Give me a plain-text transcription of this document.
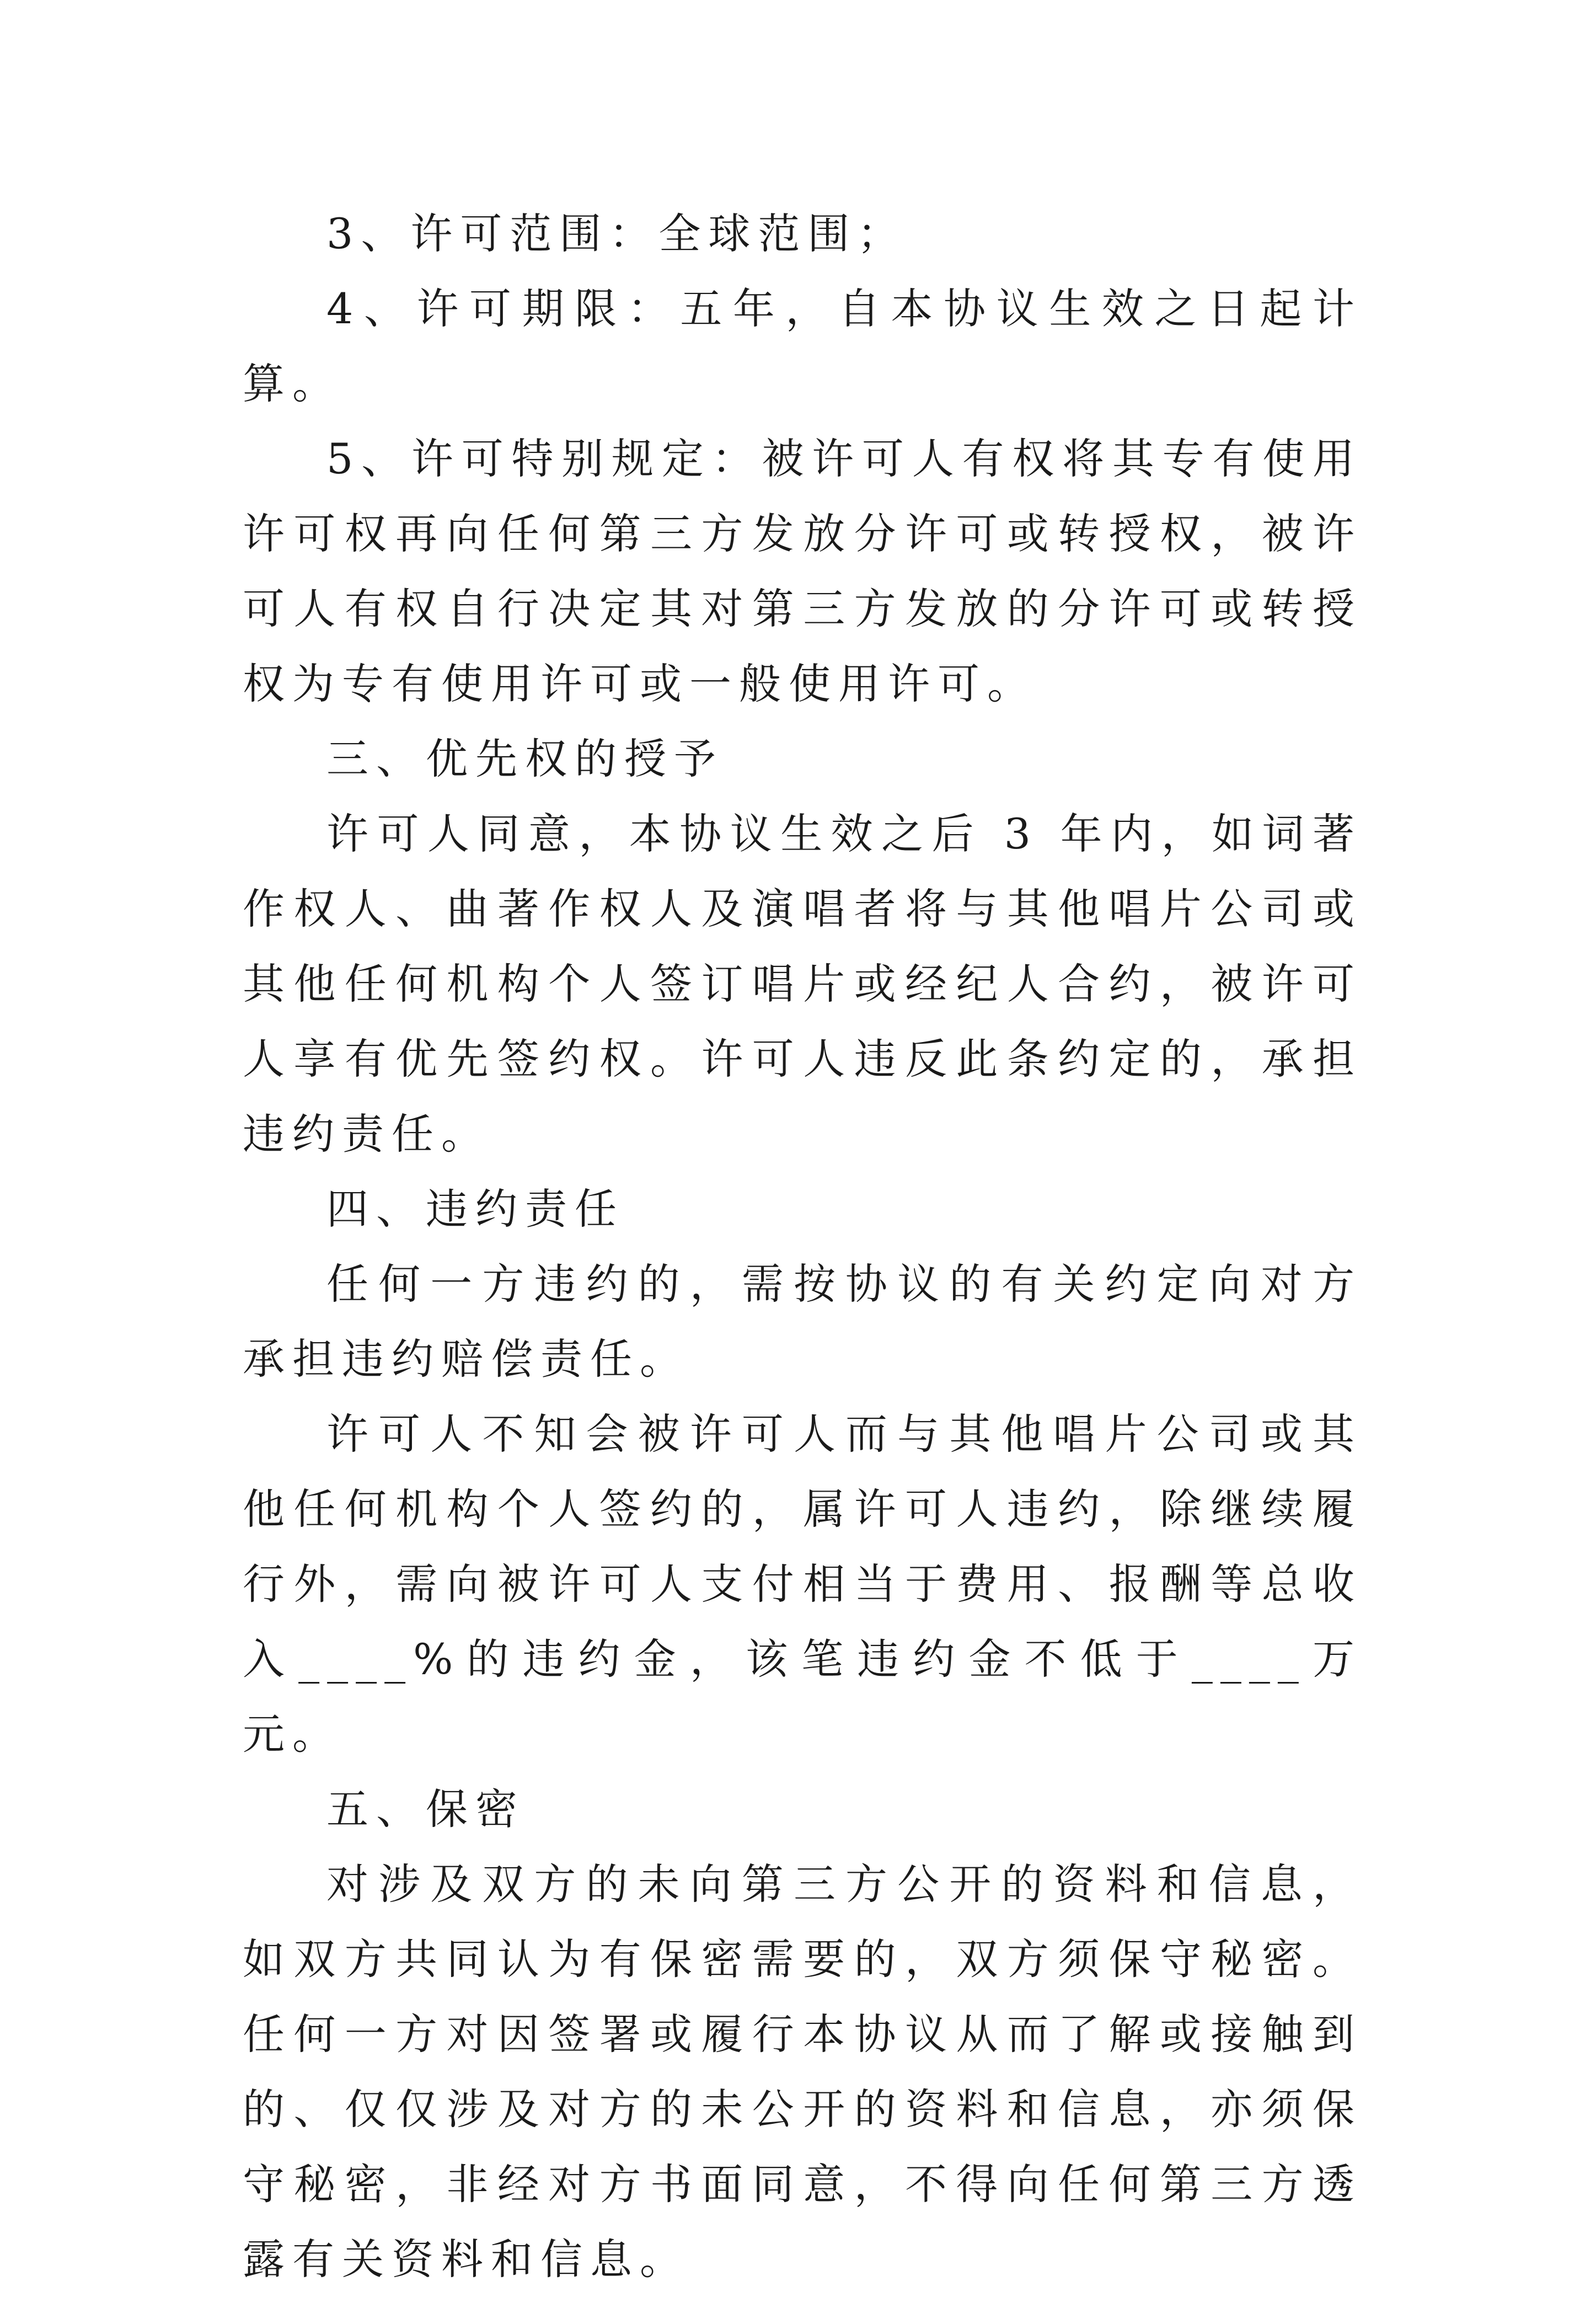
3、许可范围：全球范围；

4、许可期限：五年，自本协议生效之日起计算。

5、许可特别规定：被许可人有权将其专有使用许可权再向任何第三方发放分许可或转授权，被许可人有权自行决定其对第三方发放的分许可或转授权为专有使用许可或一般使用许可。

三、优先权的授予

许可人同意，本协议生效之后 3 年内，如词著作权人、曲著作权人及演唱者将与其他唱片公司或其他任何机构个人签订唱片或经纪人合约，被许可人享有优先签约权。许可人违反此条约定的，承担违约责任。

四、违约责任

任何一方违约的，需按协议的有关约定向对方承担违约赔偿责任。

许可人不知会被许可人而与其他唱片公司或其他任何机构个人签约的，属许可人违约，除继续履行外，需向被许可人支付相当于费用、报酬等总收入____%的违约金，该笔违约金不低于____万元。

五、保密

对涉及双方的未向第三方公开的资料和信息，如双方共同认为有保密需要的，双方须保守秘密。任何一方对因签署或履行本协议从而了解或接触到的、仅仅涉及对方的未公开的资料和信息，亦须保守秘密，非经对方书面同意，不得向任何第三方透露有关资料和信息。
